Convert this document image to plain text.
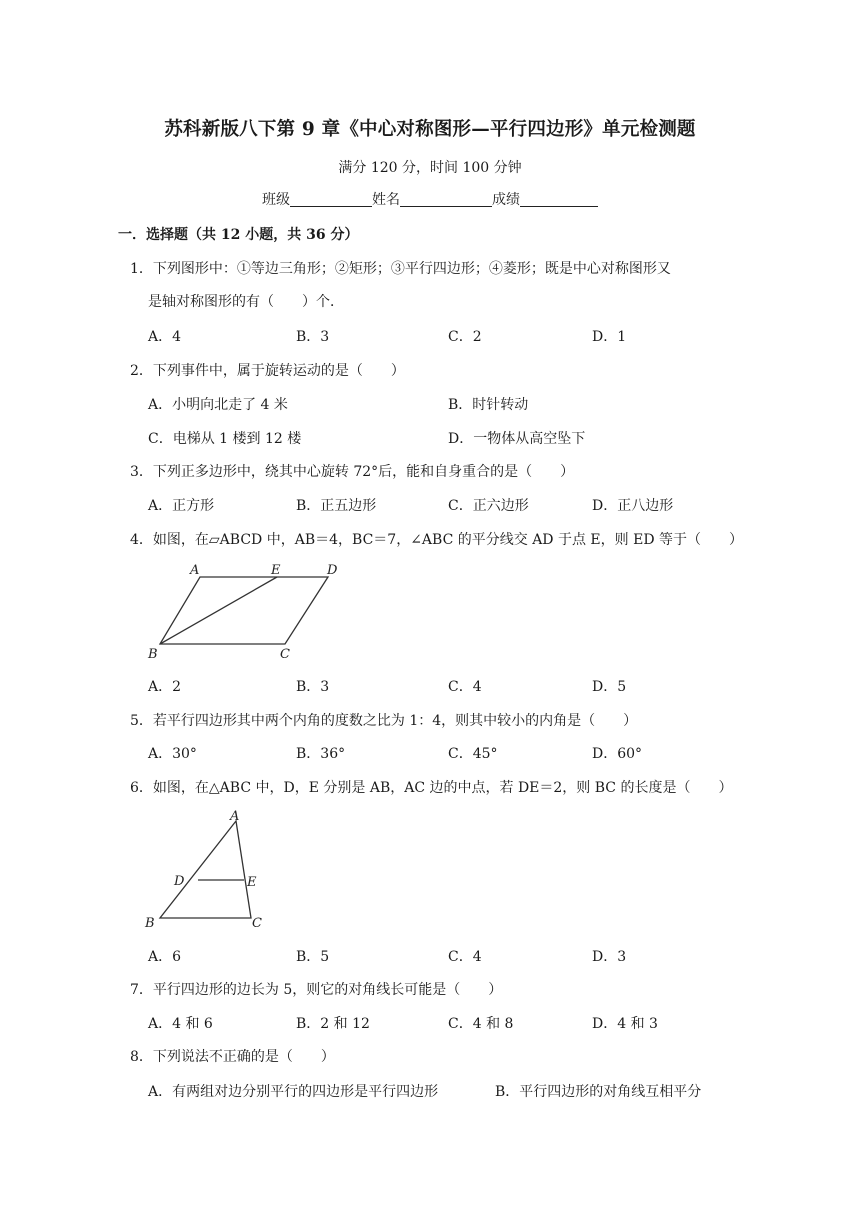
苏科新版八下第 9 章《中心对称图形—平行四边形》单元检测题
满分 120 分，时间 100 分钟
班级	姓名	成绩
一．选择题（共 12 小题，共 36 分）
1．下列图形中：①等边三角形；②矩形；③平行四边形；④菱形；既是中心对称图形又
是轴对称图形的有（　　）个．
A．4	B．3	C．2	D．1
2．下列事件中，属于旋转运动的是（　　）
A．小明向北走了 4 米	B．时针转动
C．电梯从 1 楼到 12 楼	D．一物体从高空坠下
3．下列正多边形中，绕其中心旋转 72°后，能和自身重合的是（　　）
A．正方形	B．正五边形	C．正六边形	D．正八边形
4．如图，在▱ABCD 中，AB＝4，BC＝7，∠ABC 的平分线交 AD 于点 E，则 ED 等于（　　）
A	E	D
B	C
A．2	B．3	C．4	D．5
5．若平行四边形其中两个内角的度数之比为 1：4，则其中较小的内角是（　　）
A．30°	B．36°	C．45°	D．60°
6．如图，在△ABC 中，D，E 分别是 AB，AC 边的中点，若 DE＝2，则 BC 的长度是（　　）
A
D	E
B	C
A．6	B．5	C．4	D．3
7．平行四边形的边长为 5，则它的对角线长可能是（　　）
A．4 和 6	B．2 和 12	C．4 和 8	D．4 和 3
8．下列说法不正确的是（　　）
A．有两组对边分别平行的四边形是平行四边形	B．平行四边形的对角线互相平分
